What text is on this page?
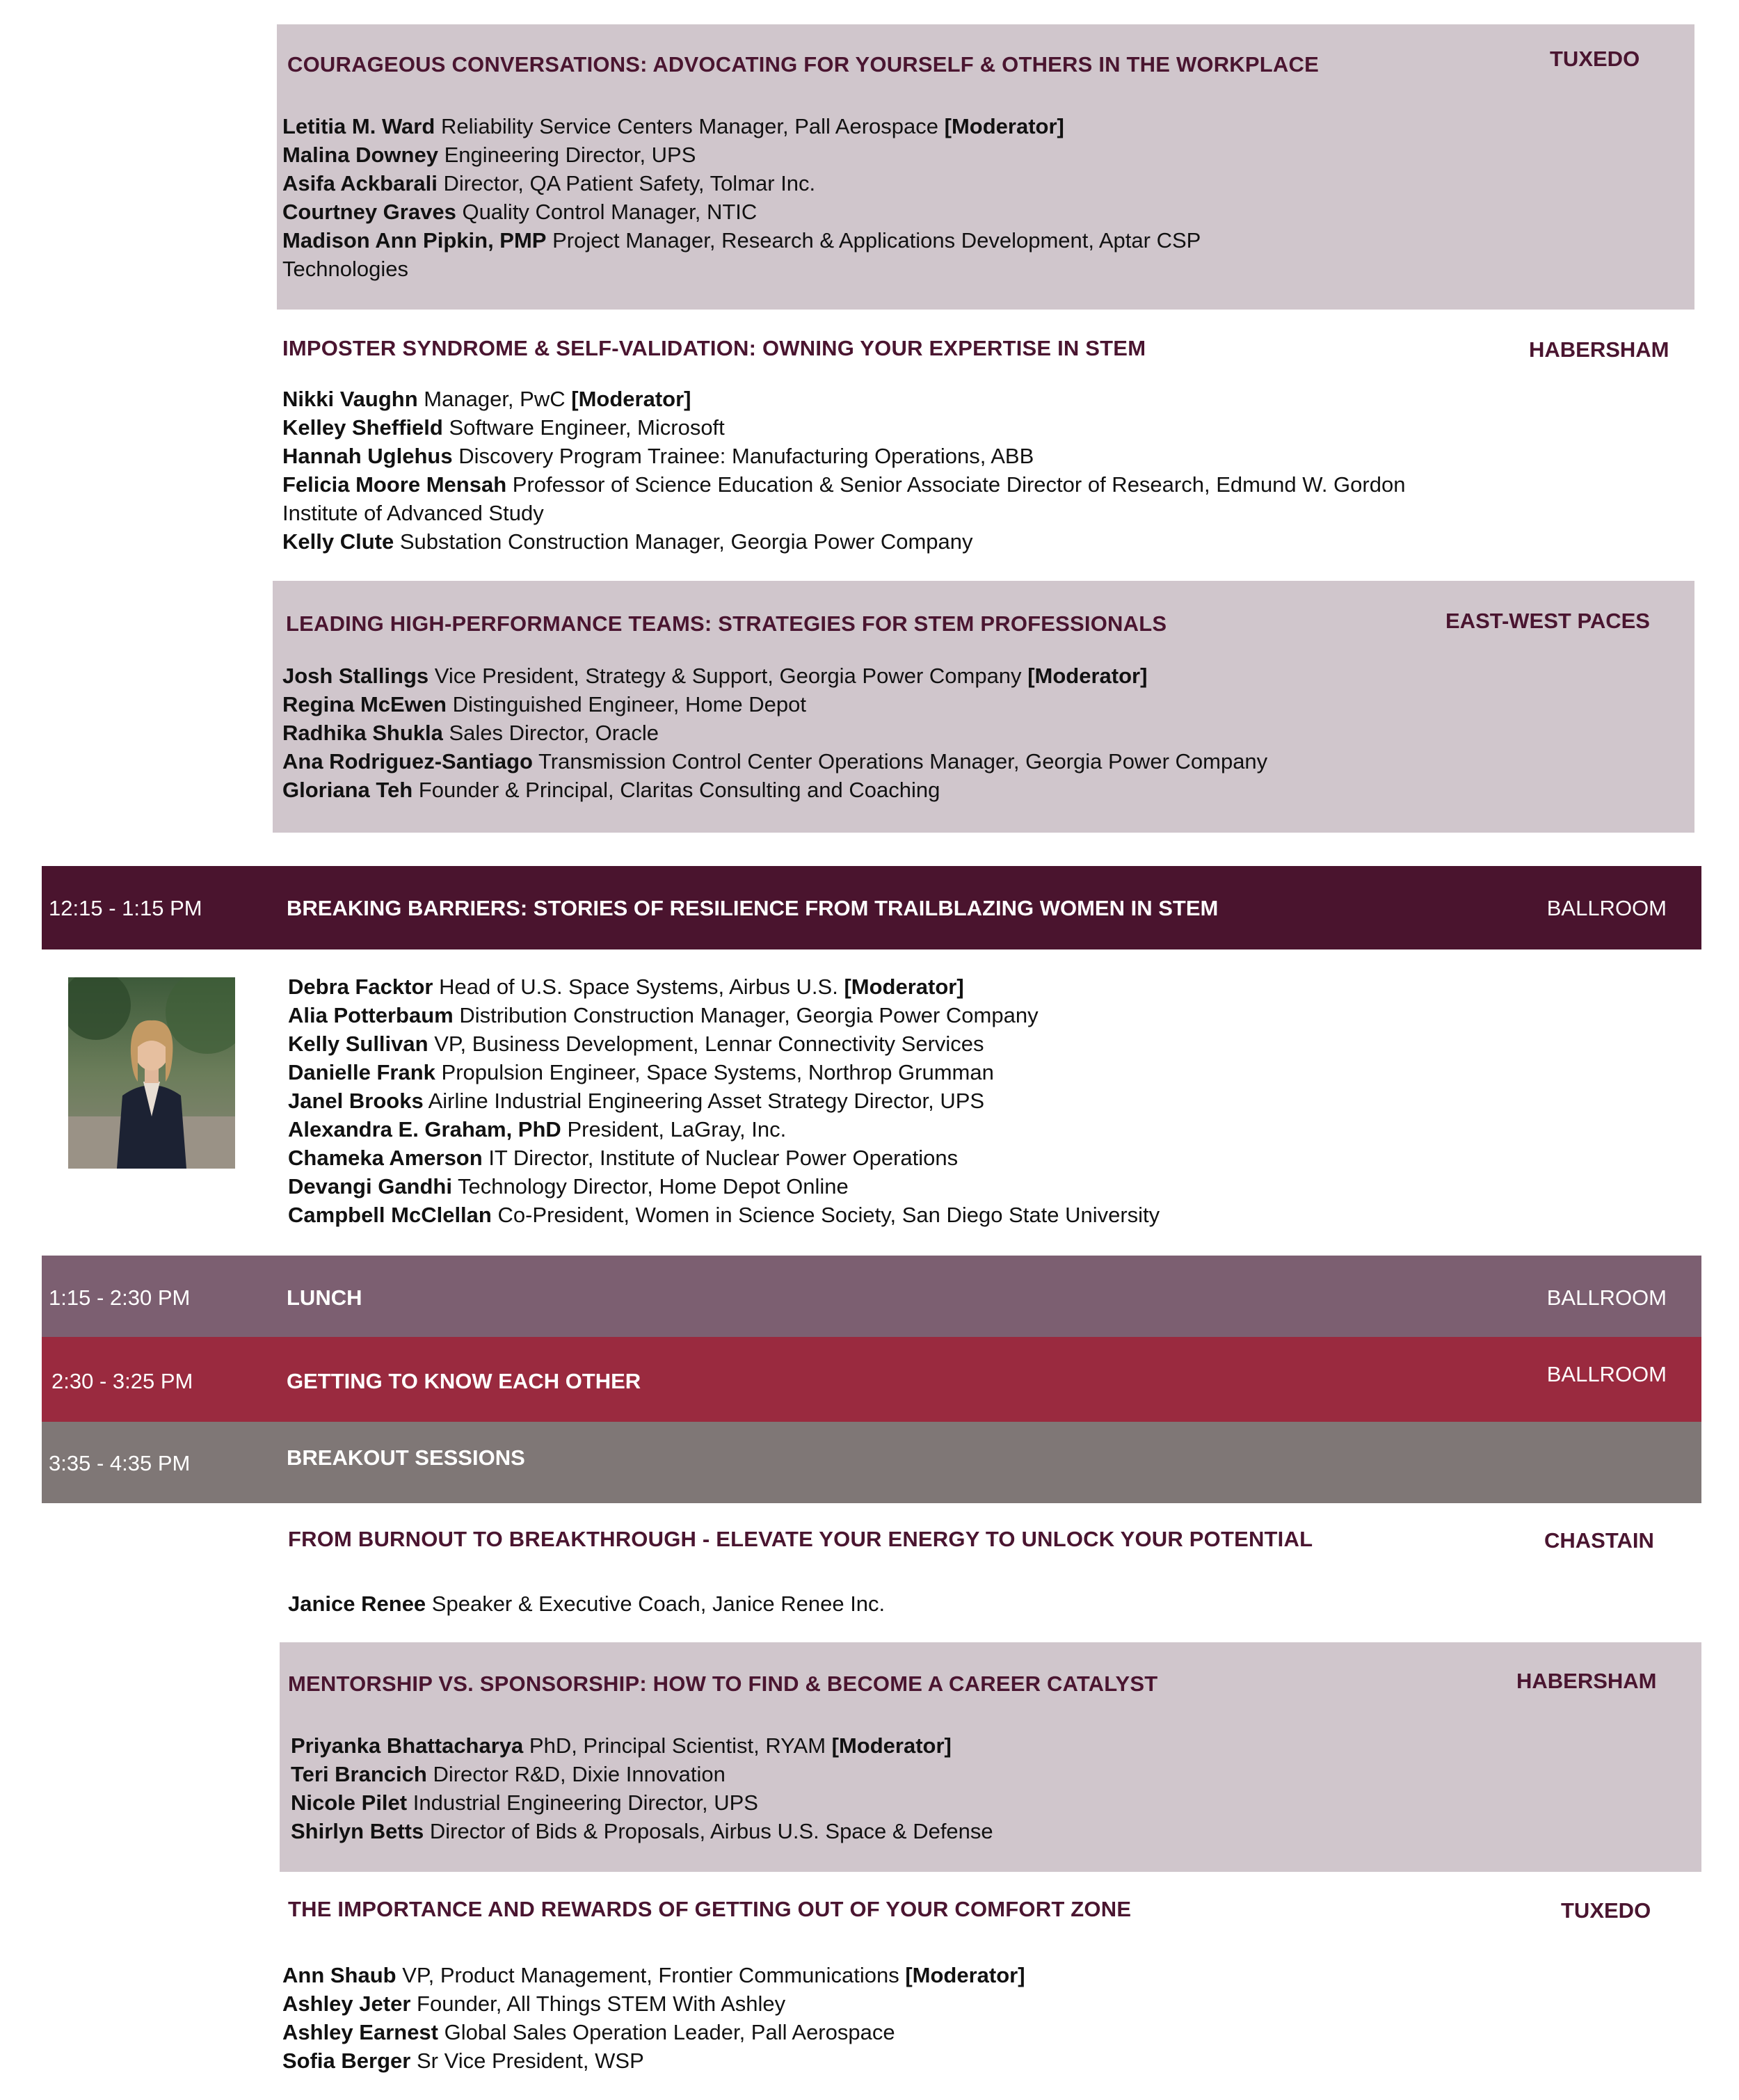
COURAGEOUS CONVERSATIONS: ADVOCATING FOR YOURSELF & OTHERS IN THE WORKPLACE	TUXEDO
Letitia M. Ward Reliability Service Centers Manager, Pall Aerospace [Moderator]
Malina Downey Engineering Director, UPS
Asifa Ackbarali Director, QA Patient Safety, Tolmar Inc.
Courtney Graves Quality Control Manager, NTIC
Madison Ann Pipkin, PMP Project Manager, Research & Applications Development, Aptar CSP Technologies
IMPOSTER SYNDROME & SELF-VALIDATION: OWNING YOUR EXPERTISE IN STEM	HABERSHAM
Nikki Vaughn Manager, PwC [Moderator]
Kelley Sheffield Software Engineer, Microsoft
Hannah Uglehus Discovery Program Trainee: Manufacturing Operations, ABB
Felicia Moore Mensah Professor of Science Education & Senior Associate Director of Research, Edmund W. Gordon Institute of Advanced Study
Kelly Clute Substation Construction Manager, Georgia Power Company
LEADING HIGH-PERFORMANCE TEAMS: STRATEGIES FOR STEM PROFESSIONALS	EAST-WEST PACES
Josh Stallings Vice President, Strategy & Support, Georgia Power Company [Moderator]
Regina McEwen Distinguished Engineer, Home Depot
Radhika Shukla Sales Director, Oracle
Ana Rodriguez-Santiago Transmission Control Center Operations Manager, Georgia Power Company
Gloriana Teh Founder & Principal, Claritas Consulting and Coaching
12:15 - 1:15 PM	BREAKING BARRIERS: STORIES OF RESILIENCE FROM TRAILBLAZING WOMEN IN STEM	BALLROOM
Debra Facktor Head of U.S. Space Systems, Airbus U.S. [Moderator]
Alia Potterbaum Distribution Construction Manager, Georgia Power Company
Kelly Sullivan VP, Business Development, Lennar Connectivity Services
Danielle Frank Propulsion Engineer, Space Systems, Northrop Grumman
Janel Brooks Airline Industrial Engineering Asset Strategy Director, UPS
Alexandra E. Graham, PhD President, LaGray, Inc.
Chameka Amerson IT Director, Institute of Nuclear Power Operations
Devangi Gandhi Technology Director, Home Depot Online
Campbell McClellan Co-President, Women in Science Society, San Diego State University
1:15 - 2:30 PM	LUNCH	BALLROOM
2:30 - 3:25 PM	GETTING TO KNOW EACH OTHER	BALLROOM
3:35 - 4:35 PM	BREAKOUT SESSIONS
FROM BURNOUT TO BREAKTHROUGH - ELEVATE YOUR ENERGY TO UNLOCK YOUR POTENTIAL	CHASTAIN
Janice Renee Speaker & Executive Coach, Janice Renee Inc.
MENTORSHIP VS. SPONSORSHIP: HOW TO FIND & BECOME A CAREER CATALYST	HABERSHAM
Priyanka Bhattacharya PhD, Principal Scientist, RYAM [Moderator]
Teri Brancich Director R&D, Dixie Innovation
Nicole Pilet Industrial Engineering Director, UPS
Shirlyn Betts Director of Bids & Proposals, Airbus U.S. Space & Defense
THE IMPORTANCE AND REWARDS OF GETTING OUT OF YOUR COMFORT ZONE	TUXEDO
Ann Shaub VP, Product Management, Frontier Communications [Moderator]
Ashley Jeter Founder, All Things STEM With Ashley
Ashley Earnest Global Sales Operation Leader, Pall Aerospace
Sofia Berger Sr Vice President, WSP
